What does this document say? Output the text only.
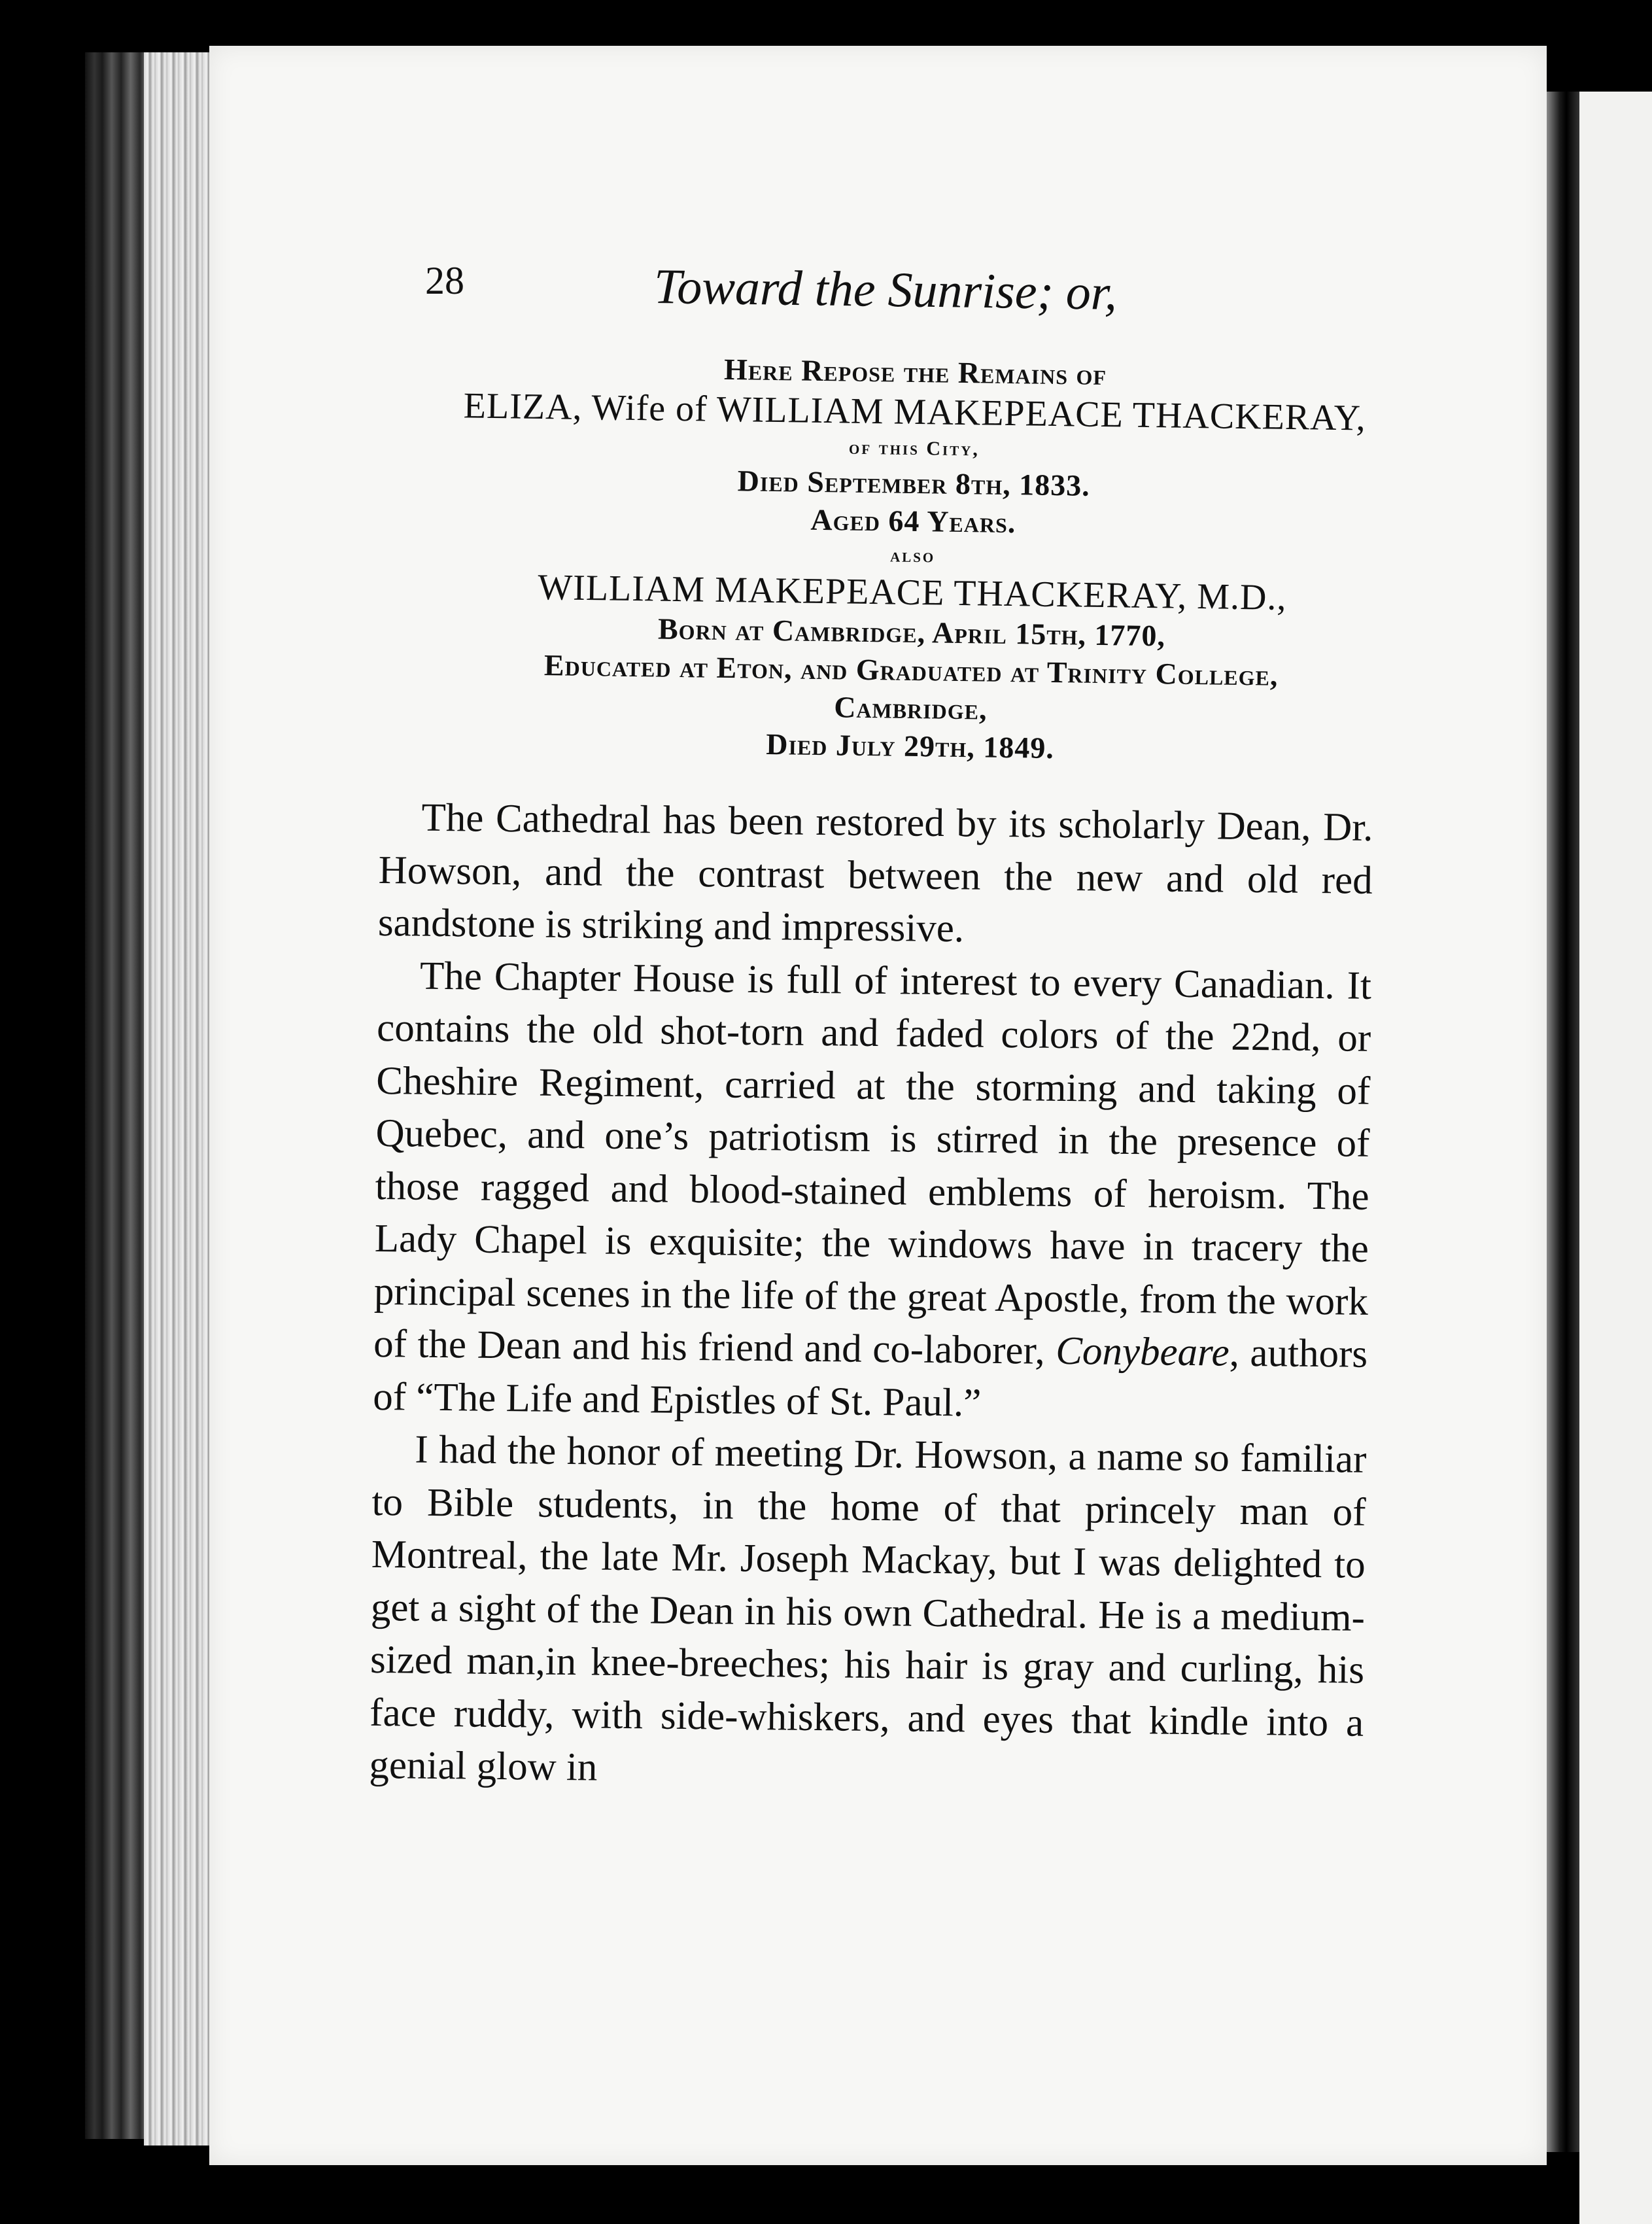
28	Toward the Sunrise; or,
Here Repose the Remains of
ELIZA, Wife of WILLIAM MAKEPEACE THACKERAY,
of this City,
Died September 8th, 1833.
Aged 64 Years.
also
WILLIAM MAKEPEACE THACKERAY, M.D.,
Born at Cambridge, April 15th, 1770,
Educated at Eton, and Graduated at Trinity College,
Cambridge,
Died July 29th, 1849.

The Cathedral has been restored by its scholarly Dean, Dr. Howson, and the contrast between the new and old red sandstone is striking and impressive.

The Chapter House is full of interest to every Canadian. It contains the old shot-torn and faded colors of the 22nd, or Cheshire Regiment, carried at the storming and taking of Quebec, and one’s patriotism is stirred in the presence of those ragged and blood-stained emblems of heroism. The Lady Chapel is exquisite; the windows have in tracery the principal scenes in the life of the great Apostle, from the work of the Dean and his friend and co-laborer, Conybeare, authors of “The Life and Epistles of St. Paul.”

I had the honor of meeting Dr. Howson, a name so familiar to Bible students, in the home of that princely man of Montreal, the late Mr. Joseph Mackay, but I was delighted to get a sight of the Dean in his own Cathedral. He is a medium-sized man,in knee-breeches; his hair is gray and curling, his face ruddy, with side-whiskers, and eyes that kindle into a genial glow in
